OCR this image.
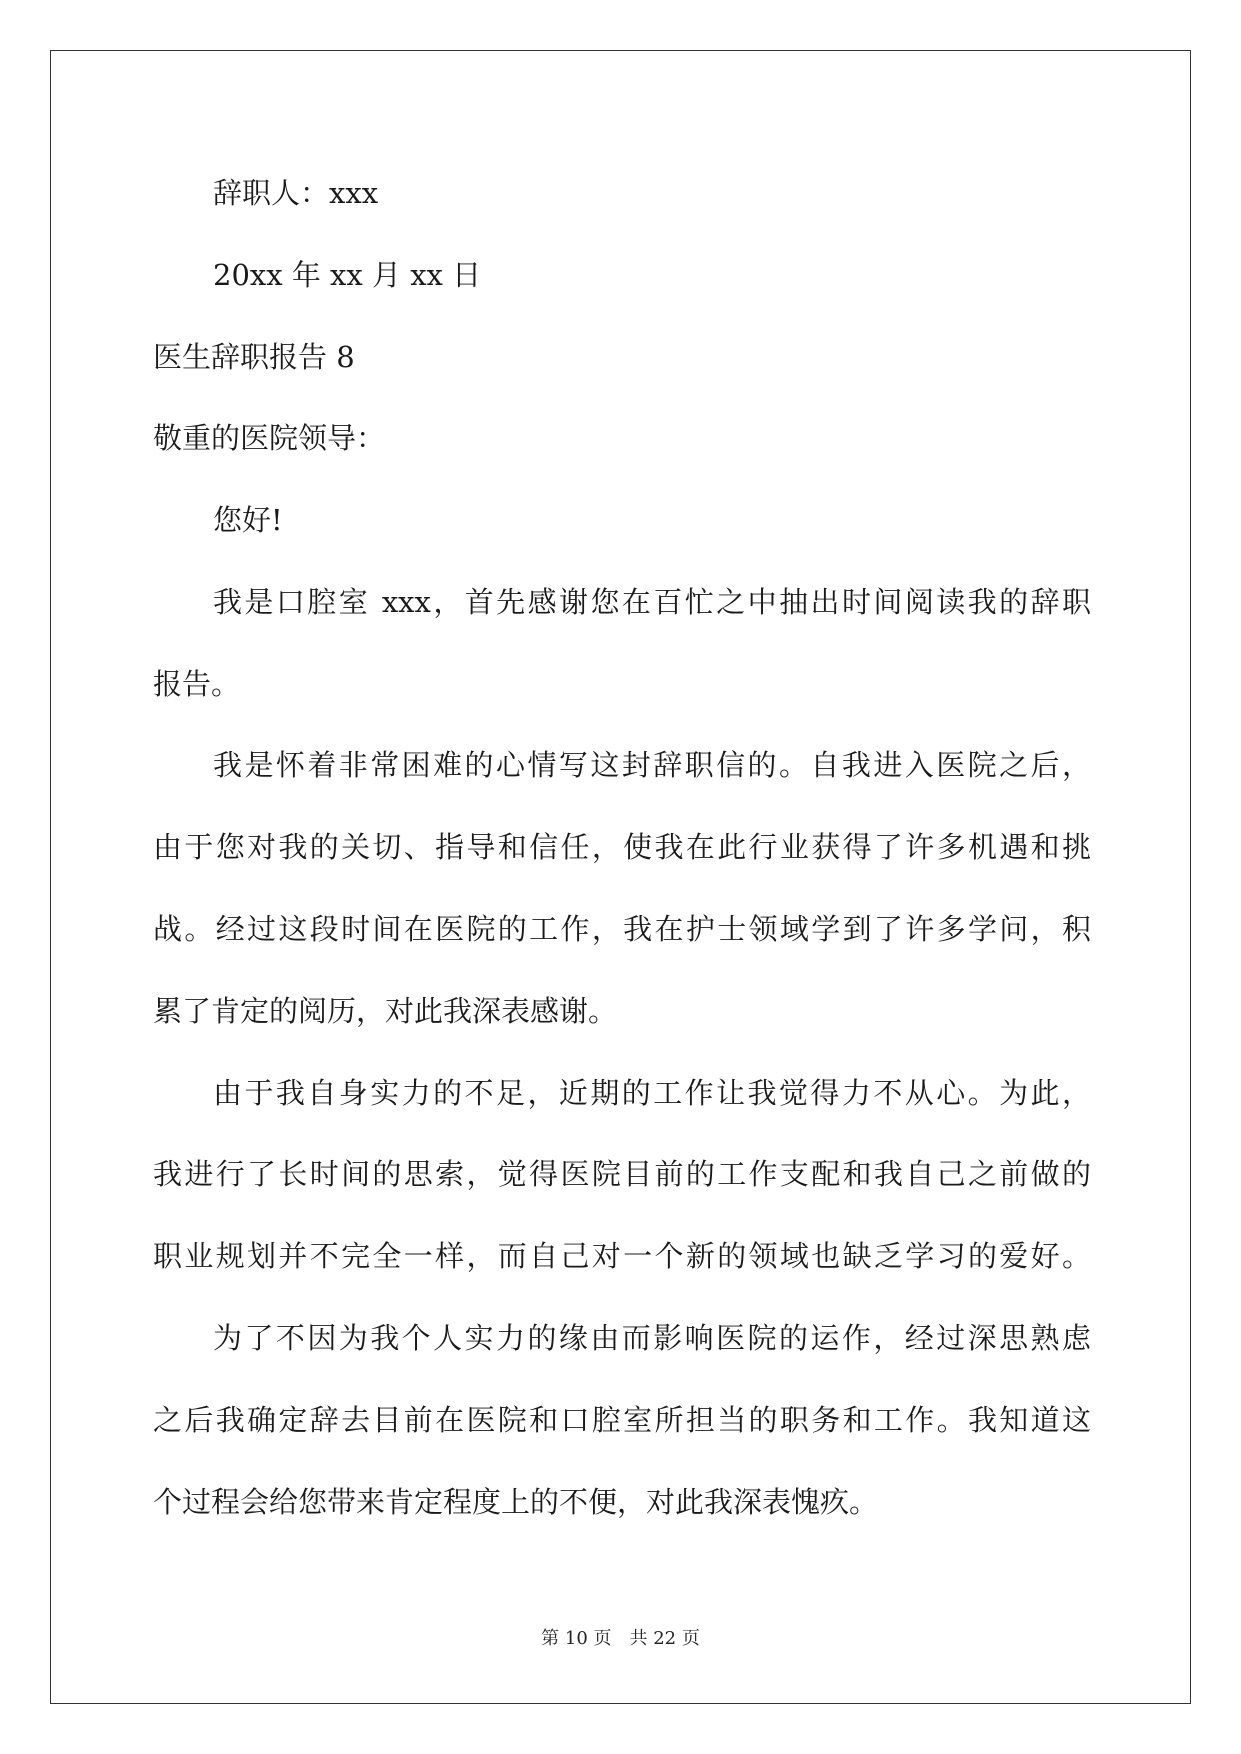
辞职人：xxx
20xx 年 xx 月 xx 日
医生辞职报告 8
敬重的医院领导：
您好!
我是口腔室 xxx，首先感谢您在百忙之中抽出时间阅读我的辞职
报告。
我是怀着非常困难的心情写这封辞职信的。自我进入医院之后，
由于您对我的关切、指导和信任，使我在此行业获得了许多机遇和挑
战。经过这段时间在医院的工作，我在护士领域学到了许多学问，积
累了肯定的阅历，对此我深表感谢。
由于我自身实力的不足，近期的工作让我觉得力不从心。为此，
我进行了长时间的思索，觉得医院目前的工作支配和我自己之前做的
职业规划并不完全一样，而自己对一个新的领域也缺乏学习的爱好。
为了不因为我个人实力的缘由而影响医院的运作，经过深思熟虑
之后我确定辞去目前在医院和口腔室所担当的职务和工作。我知道这
个过程会给您带来肯定程度上的不便，对此我深表愧疚。
第 10 页　共 22 页
